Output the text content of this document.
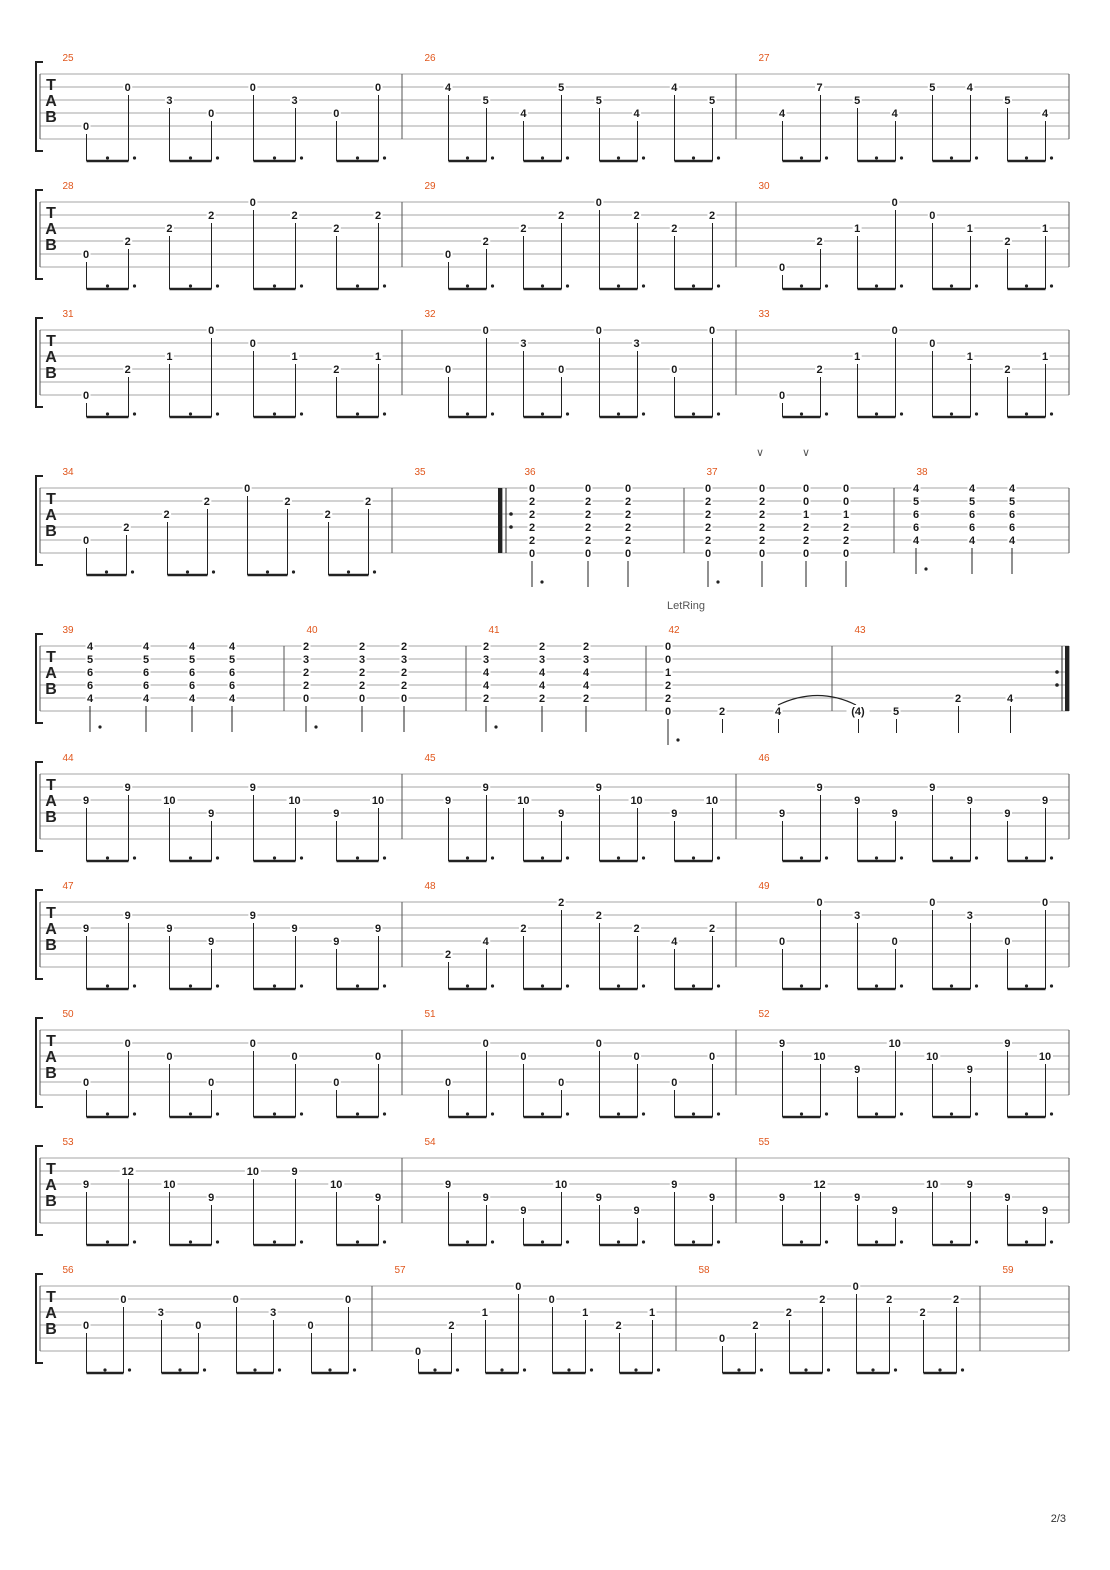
T
A
B
25
0
0
3
0
0
3
0
0
26
4
5
4
5
5
4
4
5
27
4
7
5
4
5	4
5
4
T
A
B
28
0
2
2
2
0
2
2
2
29
0
2
2
2
0
2
2
2
30
0
2
1
0
0
1
2
1
T
A
B
31
0
2
1
0
0
1
2
1
32
0
0
3
0
0
3
0
0
33
0
2
1
0
0
1
2
1
T
A
B
34
0
2
2
2
0
2
2
2
35	36
0
2
2
2
2
0
0
2
2
2
2
0
0
2
2
2
2
0
37
0
2
2
2
2
0
0
2
2
2
2
0
0
0
1
2
2
0
0
0
1
2
2
0
38
4
5
6
6
4
4
5
6
6
4
4
5
6
6
4
∨	∨
T
A
B
39
4
5
6
6
4
4
5
6
6
4
4
5
6
6
4
4
5
6
6
4
40
2
3
2
2
0
2
3
2
2
0
2
3
2
2
0
41
2
3
4
4
2
2
3
4
4
2
2
3
4
4
2
42
0
0
1
2
2
0	2	4
43
(4)	5
2	4
LetRing
T
A
B
44
9
9
10
9
9
10
9
10
45
9
9
10
9
9
10
9
10
46
9
9
9
9
9
9
9
9
T
A
B
47
9
9
9
9
9
9
9
9
48
2
4
2
2
2
2
4
2
49
0
0
3
0
0
3
0
0
T
A
B
50
0
0
0
0
0
0
0
0
51
0
0
0
0
0
0
0
0
52
9
10
9
10
10
9
9
10
T
A
B
53
9
12
10
9
10	9
10
9
54
9
9
9
10
9
9
9
9
55
9
12
9
9
10	9
9
9
T
A
B
56
0
0
3
0
0
3
0
0
57
0
2
1
0
0
1
2
1
58
0
2
2
2
0
2
2
2
59
2/3
